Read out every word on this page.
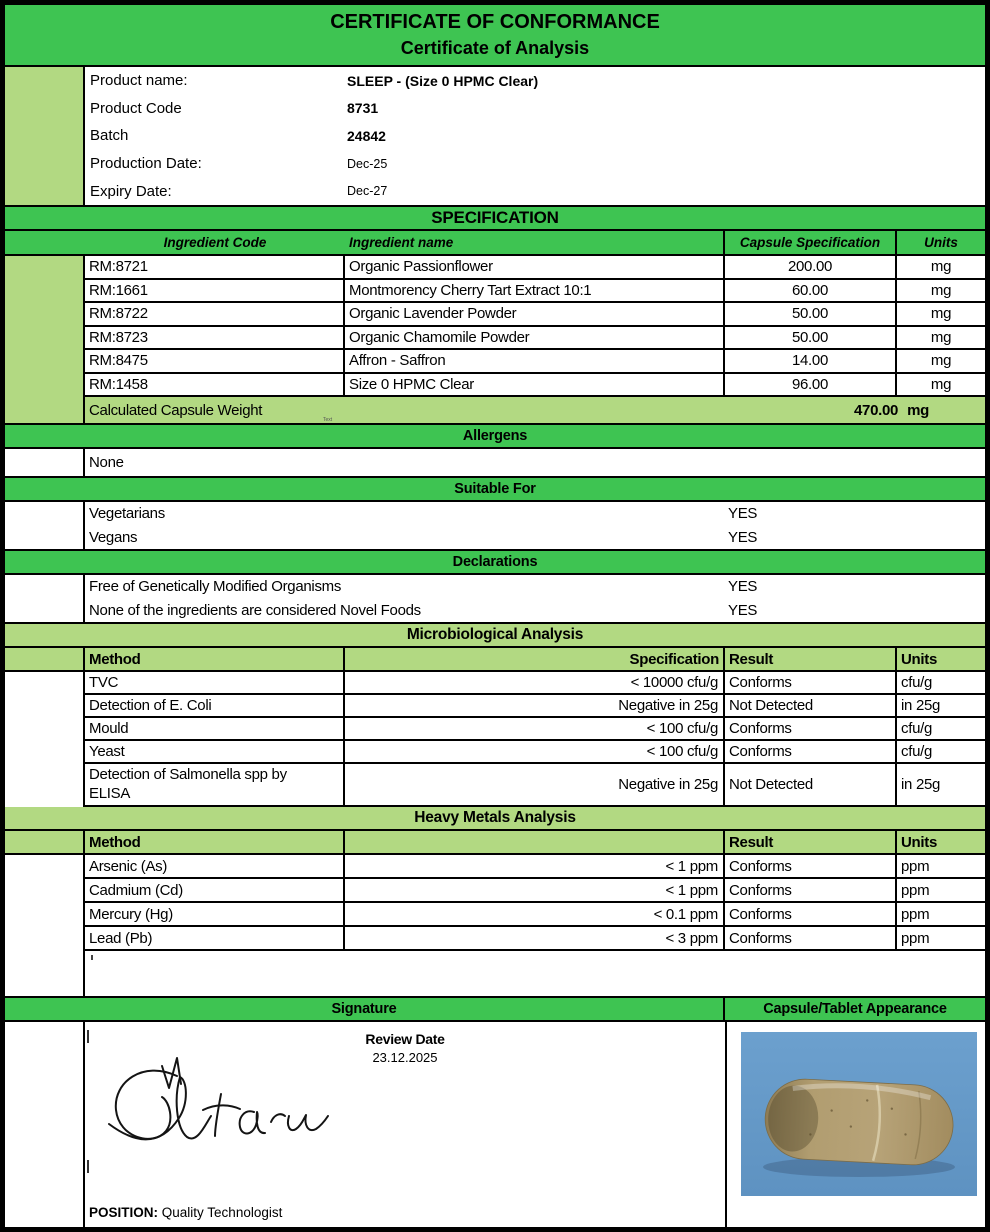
CERTIFICATE OF CONFORMANCE
Certificate of Analysis
Product name:	SLEEP - (Size 0 HPMC Clear)
Product Code	8731
Batch	24842
Production Date:	Dec-25
Expiry Date:	Dec-27
SPECIFICATION
Ingredient Code	Ingredient name	Capsule Specification	Units
RM:8721	Organic Passionflower	200.00	mg
RM:1661	Montmorency Cherry Tart Extract 10:1	60.00	mg
RM:8722	Organic Lavender Powder	50.00	mg
RM:8723	Organic Chamomile Powder	50.00	mg
RM:8475	Affron - Saffron	14.00	mg
RM:1458	Size 0 HPMC Clear	96.00	mg
Calculated Capsule Weight
Text
470.00 mg
Allergens
None
Suitable For
Vegetarians	YES
Vegans	YES
Declarations
Free of Genetically Modified Organisms	YES
None of the ingredients are considered Novel Foods	YES
Microbiological Analysis
Method	Specification Result	Units
TVC	< 10000 cfu/g Conforms	cfu/g
Detection of E. Coli	Negative in 25g Not Detected	in 25g
Mould	< 100 cfu/g Conforms	cfu/g
Yeast	< 100 cfu/g Conforms	cfu/g
Detection of Salmonella spp by ELISA	Negative in 25g Not Detected	in 25g
Heavy Metals Analysis
Method	Result	Units
Arsenic (As)	< 1 ppm Conforms	ppm
Cadmium (Cd)	< 1 ppm Conforms	ppm
Mercury (Hg)	< 0.1 ppm Conforms	ppm
Lead (Pb)	< 3 ppm Conforms	ppm
Signature	Capsule/Tablet Appearance
Review Date
23.12.2025
POSITION: Quality Technologist
